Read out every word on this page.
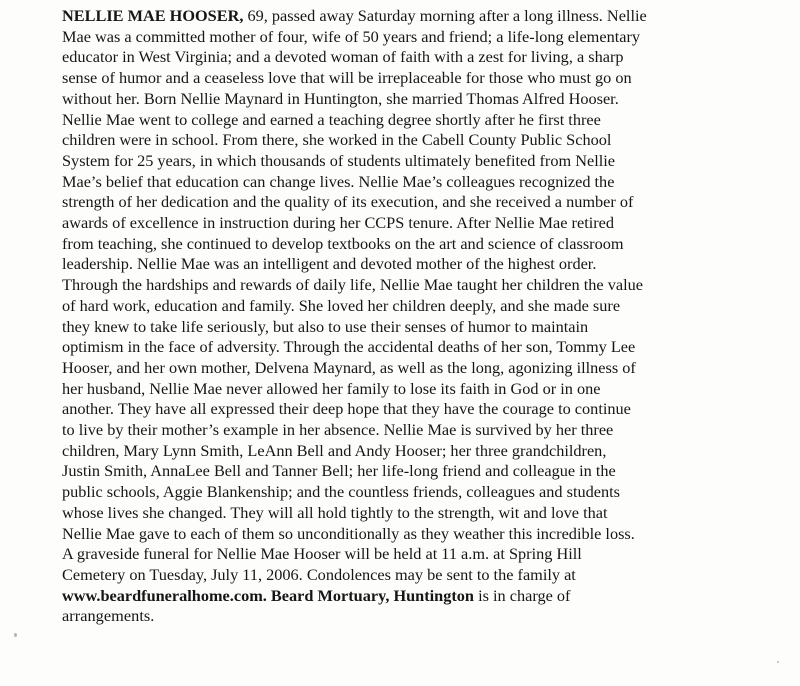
NELLIE MAE HOOSER, 69, passed away Saturday morning after a long illness. Nellie
Mae was a committed mother of four, wife of 50 years and friend; a life-long elementary
educator in West Virginia; and a devoted woman of faith with a zest for living, a sharp
sense of humor and a ceaseless love that will be irreplaceable for those who must go on
without her. Born Nellie Maynard in Huntington, she married Thomas Alfred Hooser.
Nellie Mae went to college and earned a teaching degree shortly after he first three
children were in school. From there, she worked in the Cabell County Public School
System for 25 years, in which thousands of students ultimately benefited from Nellie
Mae’s belief that education can change lives. Nellie Mae’s colleagues recognized the
strength of her dedication and the quality of its execution, and she received a number of
awards of excellence in instruction during her CCPS tenure. After Nellie Mae retired
from teaching, she continued to develop textbooks on the art and science of classroom
leadership. Nellie Mae was an intelligent and devoted mother of the highest order.
Through the hardships and rewards of daily life, Nellie Mae taught her children the value
of hard work, education and family. She loved her children deeply, and she made sure
they knew to take life seriously, but also to use their senses of humor to maintain
optimism in the face of adversity. Through the accidental deaths of her son, Tommy Lee
Hooser, and her own mother, Delvena Maynard, as well as the long, agonizing illness of
her husband, Nellie Mae never allowed her family to lose its faith in God or in one
another. They have all expressed their deep hope that they have the courage to continue
to live by their mother’s example in her absence. Nellie Mae is survived by her three
children, Mary Lynn Smith, LeAnn Bell and Andy Hooser; her three grandchildren,
Justin Smith, AnnaLee Bell and Tanner Bell; her life-long friend and colleague in the
public schools, Aggie Blankenship; and the countless friends, colleagues and students
whose lives she changed. They will all hold tightly to the strength, wit and love that
Nellie Mae gave to each of them so unconditionally as they weather this incredible loss.
A graveside funeral for Nellie Mae Hooser will be held at 11 a.m. at Spring Hill
Cemetery on Tuesday, July 11, 2006. Condolences may be sent to the family at
www.beardfuneralhome.com. Beard Mortuary, Huntington is in charge of
arrangements.
